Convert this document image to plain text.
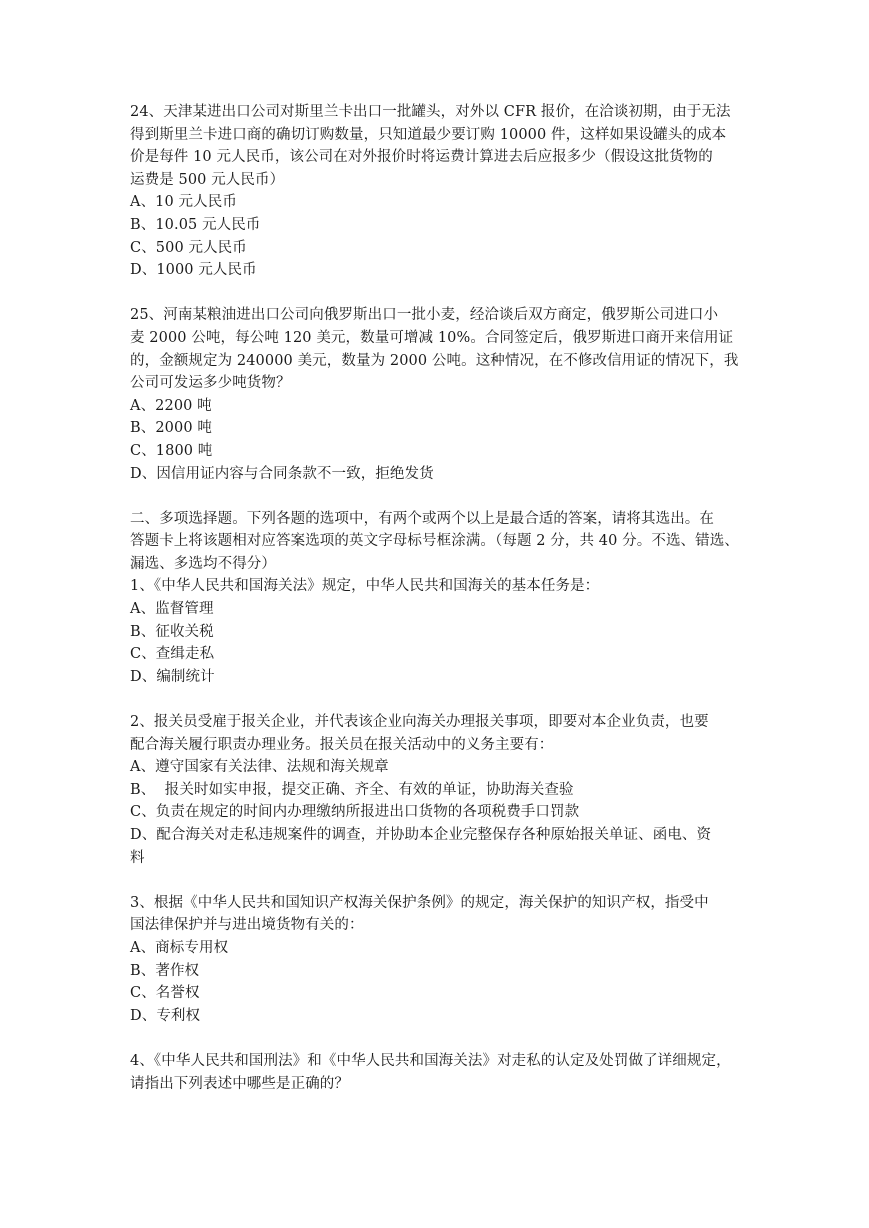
24、天津某进出口公司对斯里兰卡出口一批罐头，对外以 CFR 报价，在洽谈初期，由于无法

得到斯里兰卡进口商的确切订购数量，只知道最少要订购 10000 件，这样如果设罐头的成本

价是每件 10 元人民币，该公司在对外报价时将运费计算进去后应报多少（假设这批货物的

运费是 500 元人民币）

A、10 元人民币

B、10.05 元人民币

C、500 元人民币

D、1000 元人民币

25、河南某粮油进出口公司向俄罗斯出口一批小麦，经洽谈后双方商定，俄罗斯公司进口小

麦 2000 公吨，每公吨 120 美元，数量可增减 10%。合同签定后，俄罗斯进口商开来信用证

的，金额规定为 240000 美元，数量为 2000 公吨。这种情况，在不修改信用证的情况下，我

公司可发运多少吨货物？

A、2200 吨

B、2000 吨

C、1800 吨

D、因信用证内容与合同条款不一致，拒绝发货

二、多项选择题。下列各题的选项中，有两个或两个以上是最合适的答案，请将其选出。在

答题卡上将该题相对应答案选项的英文字母标号框涂满。（每题 2 分，共 40 分。不选、错选、

漏选、多选均不得分）

1、《中华人民共和国海关法》规定，中华人民共和国海关的基本任务是：

A、监督管理

B、征收关税

C、查缉走私

D、编制统计

2、报关员受雇于报关企业，并代表该企业向海关办理报关事项，即要对本企业负责，也要

配合海关履行职责办理业务。报关员在报关活动中的义务主要有：

A、遵守国家有关法律、法规和海关规章

B、  报关时如实申报，提交正确、齐全、有效的单证，协助海关查验

C、负责在规定的时间内办理缴纳所报进出口货物的各项税费手口罚款

D、配合海关对走私违规案件的调查，并协助本企业完整保存各种原始报关单证、函电、资

料

3、根据《中华人民共和国知识产权海关保护条例》的规定，海关保护的知识产权，指受中

国法律保护并与进出境货物有关的：

A、商标专用权

B、著作权

C、名誉权

D、专利权

4、《中华人民共和国刑法》和《中华人民共和国海关法》对走私的认定及处罚做了详细规定，

请指出下列表述中哪些是正确的？
